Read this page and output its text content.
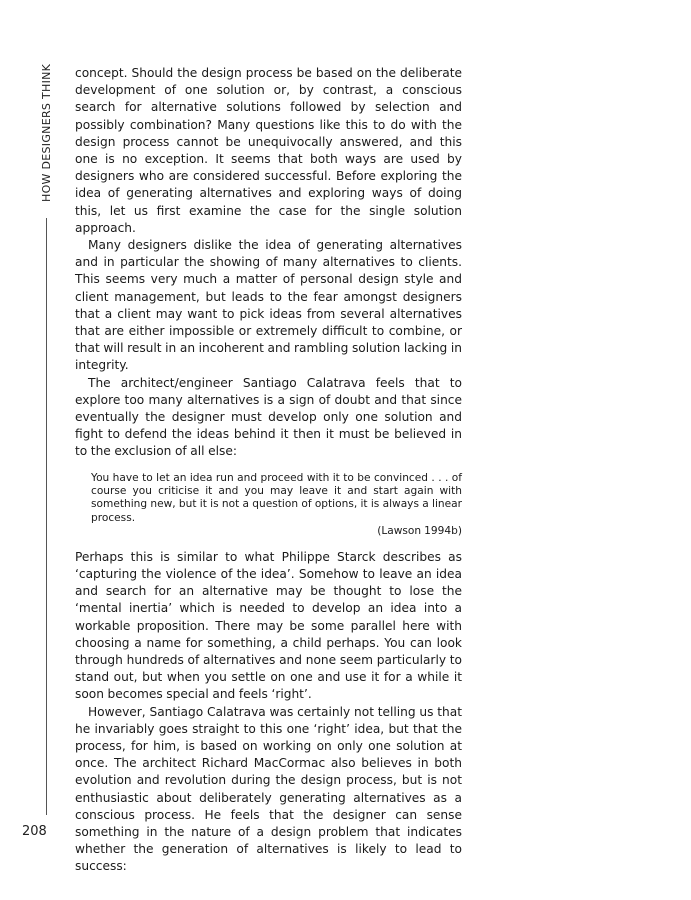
HOW DESIGNERS THINK
208

concept. Should the design process be based on the deliberate development of one solution or, by contrast, a conscious search for alternative solutions followed by selection and possibly combination? Many questions like this to do with the design process cannot be unequivocally answered, and this one is no exception. It seems that both ways are used by designers who are considered successful. Before exploring the idea of generating alternatives and exploring ways of doing this, let us first examine the case for the single solution approach.

Many designers dislike the idea of generating alternatives and in particular the showing of many alternatives to clients. This seems very much a matter of personal design style and client management, but leads to the fear amongst designers that a client may want to pick ideas from several alternatives that are either impossible or extremely difficult to combine, or that will result in an incoherent and rambling solution lacking in integrity.

The architect/engineer Santiago Calatrava feels that to explore too many alternatives is a sign of doubt and that since eventually the designer must develop only one solution and fight to defend the ideas behind it then it must be believed in to the exclusion of all else:

You have to let an idea run and proceed with it to be convinced . . . of course you criticise it and you may leave it and start again with something new, but it is not a question of options, it is always a linear process.

(Lawson 1994b)

Perhaps this is similar to what Philippe Starck describes as ‘capturing the violence of the idea’. Somehow to leave an idea and search for an alternative may be thought to lose the ‘mental inertia’ which is needed to develop an idea into a workable proposition. There may be some parallel here with choosing a name for something, a child perhaps. You can look through hundreds of alternatives and none seem particularly to stand out, but when you settle on one and use it for a while it soon becomes special and feels ‘right’.

However, Santiago Calatrava was certainly not telling us that he invariably goes straight to this one ‘right’ idea, but that the process, for him, is based on working on only one solution at once. The architect Richard MacCormac also believes in both evolution and revolution during the design process, but is not enthusiastic about deliberately generating alternatives as a conscious process. He feels that the designer can sense something in the nature of a design problem that indicates whether the generation of alternatives is likely to lead to success:
